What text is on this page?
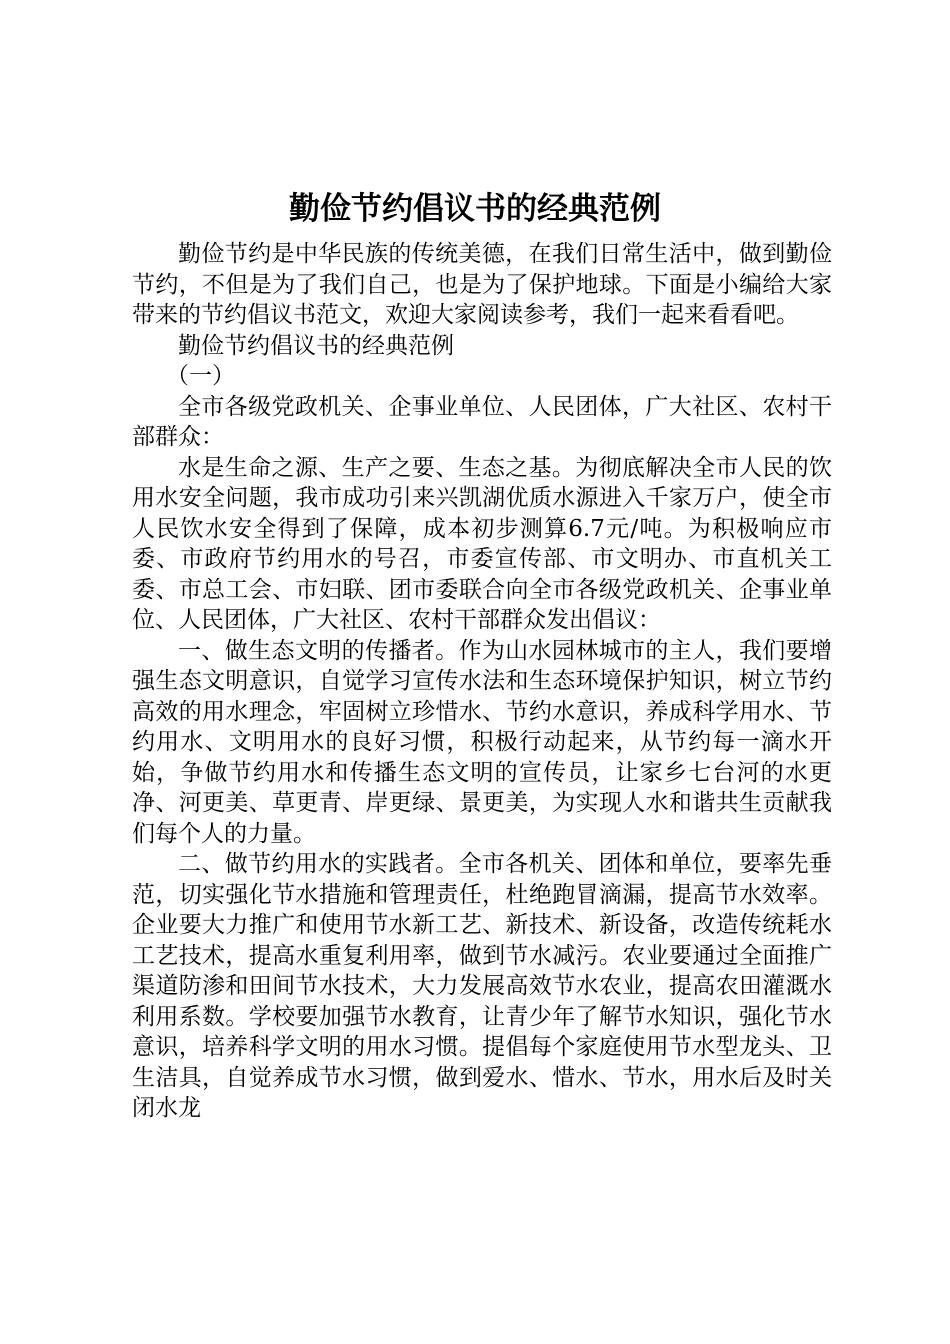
勤俭节约倡议书的经典范例

勤俭节约是中华民族的传统美德，在我们日常生活中，做到勤俭节约，不但是为了我们自己，也是为了保护地球。下面是小编给大家带来的节约倡议书范文，欢迎大家阅读参考，我们一起来看看吧。

勤俭节约倡议书的经典范例

（一）

全市各级党政机关、企事业单位、人民团体，广大社区、农村干部群众：

水是生命之源、生产之要、生态之基。为彻底解决全市人民的饮用水安全问题，我市成功引来兴凯湖优质水源进入千家万户，使全市人民饮水安全得到了保障，成本初步测算6.7元/吨。为积极响应市委、市政府节约用水的号召，市委宣传部、市文明办、市直机关工委、市总工会、市妇联、团市委联合向全市各级党政机关、企事业单位、人民团体，广大社区、农村干部群众发出倡议：

一、做生态文明的传播者。作为山水园林城市的主人，我们要增强生态文明意识，自觉学习宣传水法和生态环境保护知识，树立节约高效的用水理念，牢固树立珍惜水、节约水意识，养成科学用水、节约用水、文明用水的良好习惯，积极行动起来，从节约每一滴水开始，争做节约用水和传播生态文明的宣传员，让家乡七台河的水更净、河更美、草更青、岸更绿、景更美，为实现人水和谐共生贡献我们每个人的力量。

二、做节约用水的实践者。全市各机关、团体和单位，要率先垂范，切实强化节水措施和管理责任，杜绝跑冒滴漏，提高节水效率。企业要大力推广和使用节水新工艺、新技术、新设备，改造传统耗水工艺技术，提高水重复利用率，做到节水减污。农业要通过全面推广渠道防渗和田间节水技术，大力发展高效节水农业，提高农田灌溉水利用系数。学校要加强节水教育，让青少年了解节水知识，强化节水意识，培养科学文明的用水习惯。提倡每个家庭使用节水型龙头、卫生洁具，自觉养成节水习惯，做到爱水、惜水、节水，用水后及时关闭水龙
